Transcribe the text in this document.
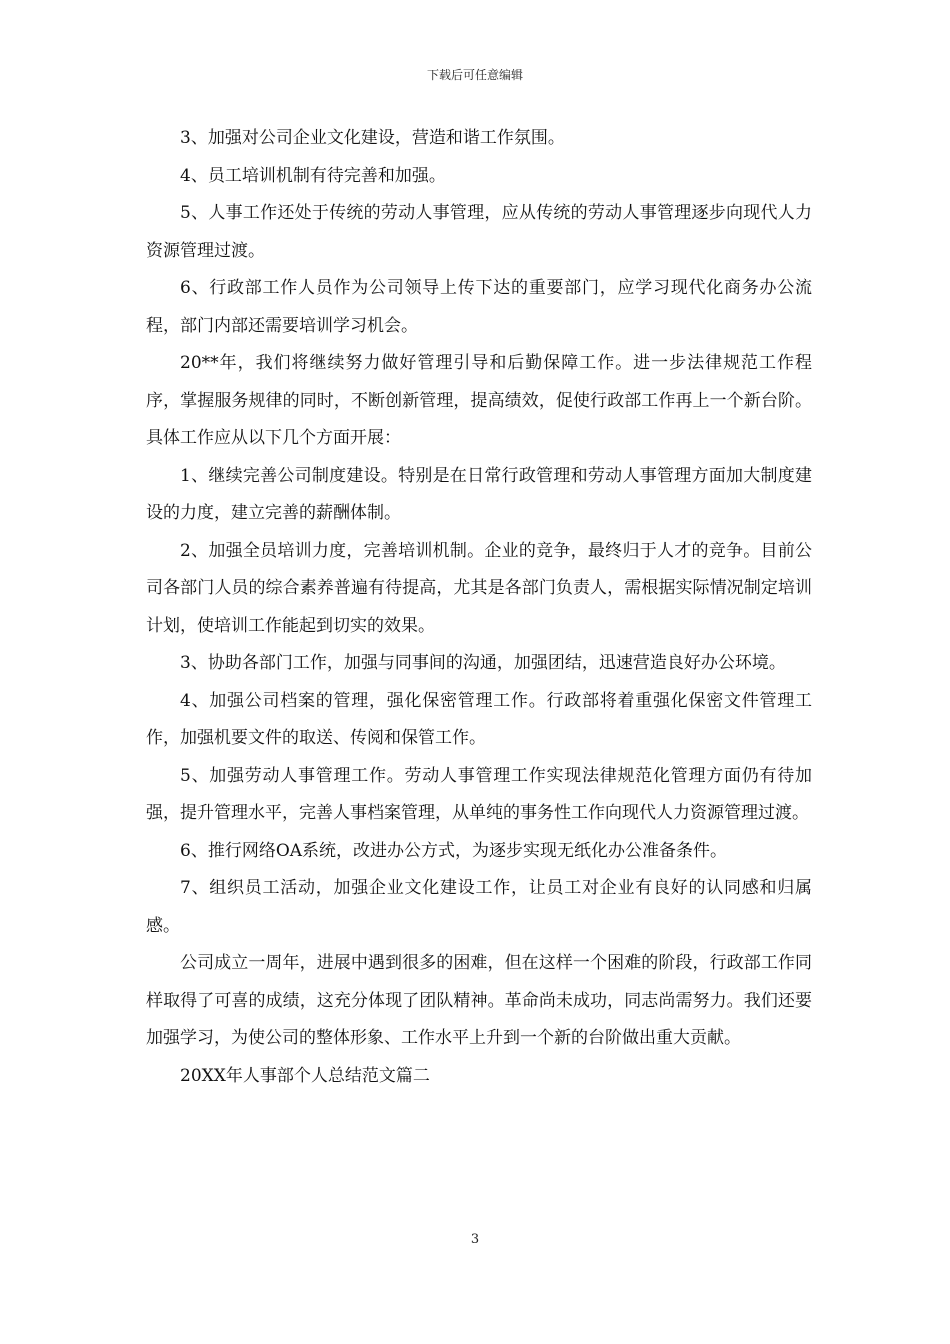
下载后可任意编辑

3、加强对公司企业文化建设，营造和谐工作氛围。

4、员工培训机制有待完善和加强。

5、人事工作还处于传统的劳动人事管理，应从传统的劳动人事管理逐步向现代人力资源管理过渡。

6、行政部工作人员作为公司领导上传下达的重要部门，应学习现代化商务办公流程，部门内部还需要培训学习机会。

20**年，我们将继续努力做好管理引导和后勤保障工作。进一步法律规范工作程序，掌握服务规律的同时，不断创新管理，提高绩效，促使行政部工作再上一个新台阶。具体工作应从以下几个方面开展：

1、继续完善公司制度建设。特别是在日常行政管理和劳动人事管理方面加大制度建设的力度，建立完善的薪酬体制。

2、加强全员培训力度，完善培训机制。企业的竞争，最终归于人才的竞争。目前公司各部门人员的综合素养普遍有待提高，尤其是各部门负责人，需根据实际情况制定培训计划，使培训工作能起到切实的效果。

3、协助各部门工作，加强与同事间的沟通，加强团结，迅速营造良好办公环境。

4、加强公司档案的管理，强化保密管理工作。行政部将着重强化保密文件管理工作，加强机要文件的取送、传阅和保管工作。

5、加强劳动人事管理工作。劳动人事管理工作实现法律规范化管理方面仍有待加强，提升管理水平，完善人事档案管理，从单纯的事务性工作向现代人力资源管理过渡。

6、推行网络OA系统，改进办公方式，为逐步实现无纸化办公准备条件。

7、组织员工活动，加强企业文化建设工作，让员工对企业有良好的认同感和归属感。

公司成立一周年，进展中遇到很多的困难，但在这样一个困难的阶段，行政部工作同样取得了可喜的成绩，这充分体现了团队精神。革命尚未成功，同志尚需努力。我们还要加强学习，为使公司的整体形象、工作水平上升到一个新的台阶做出重大贡献。

20XX年人事部个人总结范文篇二

3
